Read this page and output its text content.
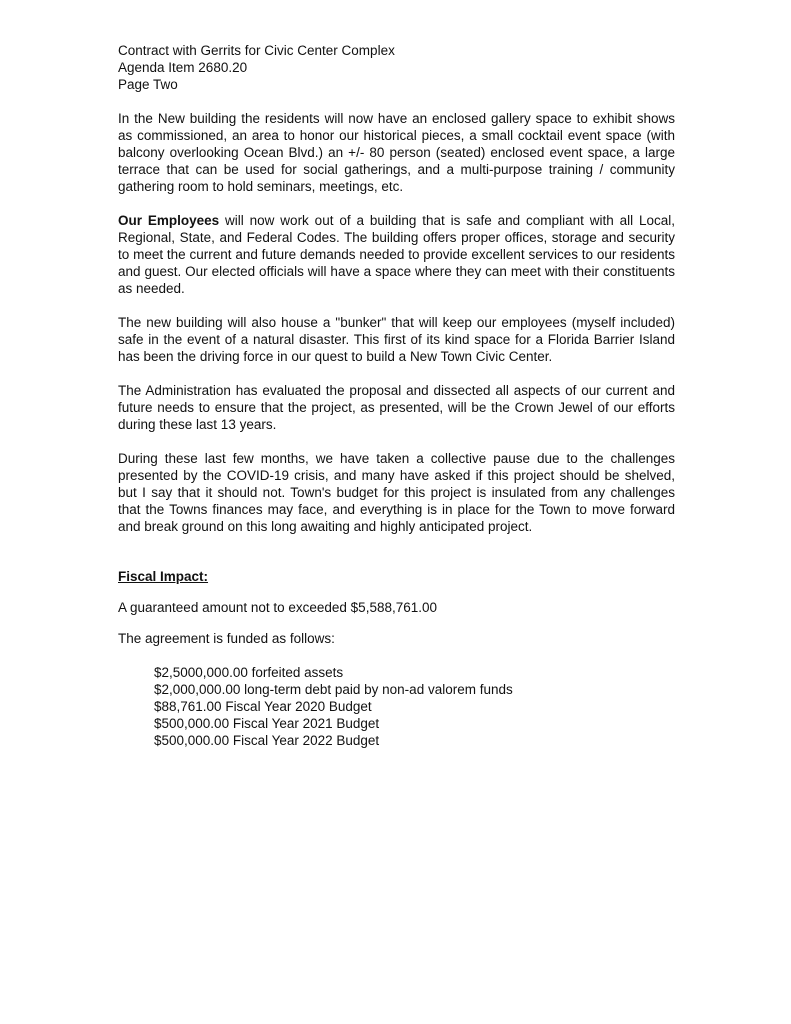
Contract with Gerrits for Civic Center Complex
Agenda Item 2680.20
Page Two

In the New building the residents will now have an enclosed gallery space to exhibit shows as commissioned, an area to honor our historical pieces, a small cocktail event space (with balcony overlooking Ocean Blvd.) an +/- 80 person (seated) enclosed event space, a large terrace that can be used for social gatherings, and a multi-purpose training / community gathering room to hold seminars, meetings, etc.

Our Employees will now work out of a building that is safe and compliant with all Local, Regional, State, and Federal Codes. The building offers proper offices, storage and security to meet the current and future demands needed to provide excellent services to our residents and guest. Our elected officials will have a space where they can meet with their constituents as needed.

The new building will also house a "bunker" that will keep our employees (myself included) safe in the event of a natural disaster. This first of its kind space for a Florida Barrier Island has been the driving force in our quest to build a New Town Civic Center.

The Administration has evaluated the proposal and dissected all aspects of our current and future needs to ensure that the project, as presented, will be the Crown Jewel of our efforts during these last 13 years.

During these last few months, we have taken a collective pause due to the challenges presented by the COVID-19 crisis, and many have asked if this project should be shelved, but I say that it should not. Town's budget for this project is insulated from any challenges that the Towns finances may face, and everything is in place for the Town to move forward and break ground on this long awaiting and highly anticipated project.

Fiscal Impact:
A guaranteed amount not to exceeded $5,588,761.00
The agreement is funded as follows:
$2,5000,000.00 forfeited assets
$2,000,000.00 long-term debt paid by non-ad valorem funds
$88,761.00 Fiscal Year 2020 Budget
$500,000.00 Fiscal Year 2021 Budget
$500,000.00 Fiscal Year 2022 Budget
